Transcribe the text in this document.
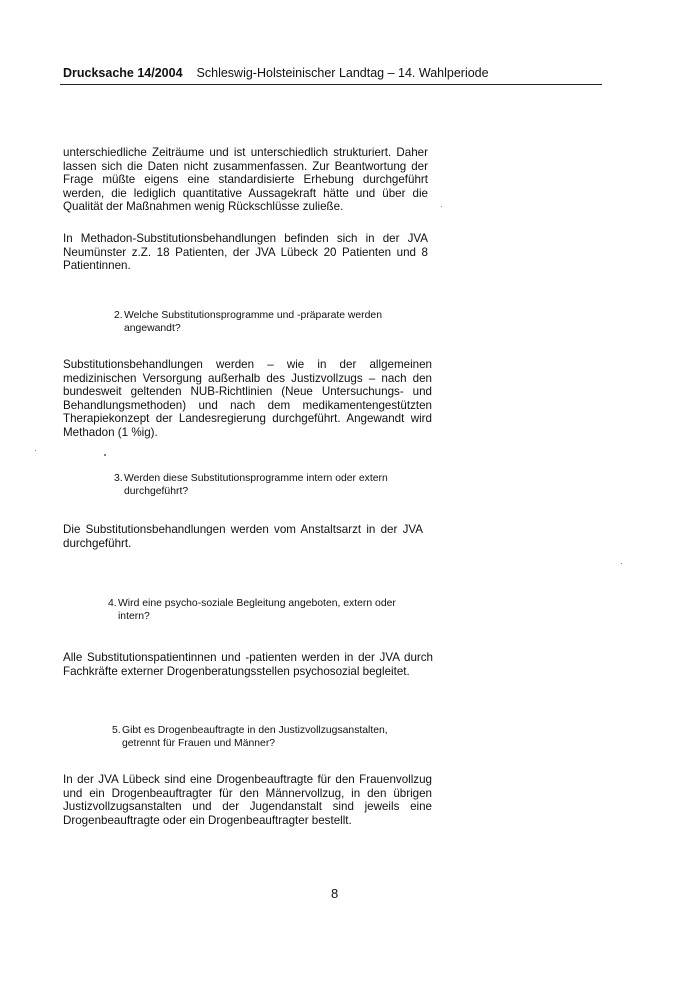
Drucksache 14/2004 Schleswig-Holsteinischer Landtag – 14. Wahlperiode

unterschiedliche Zeiträume und ist unterschiedlich strukturiert. Daher lassen sich die Daten nicht zusammenfassen. Zur Beantwortung der Frage müßte eigens eine standardisierte Erhebung durchgeführt werden, die lediglich quantitative Aussagekraft hätte und über die Qualität der Maßnahmen wenig Rückschlüsse zuließe.

In Methadon-Substitutionsbehandlungen befinden sich in der JVA Neumünster z.Z. 18 Patienten, der JVA Lübeck 20 Patienten und 8 Patientinnen.

2. Welche Substitutionsprogramme und -präparate werden angewandt?

Substitutionsbehandlungen werden – wie in der allgemeinen medizinischen Versorgung außerhalb des Justizvollzugs – nach den bundesweit geltenden NUB-Richtlinien (Neue Untersuchungs- und Behandlungsmethoden) und nach dem medikamentengestützten Therapiekonzept der Landesregierung durchgeführt. Angewandt wird Methadon (1 %ig).

3. Werden diese Substitutionsprogramme intern oder extern durchgeführt?

Die Substitutionsbehandlungen werden vom Anstaltsarzt in der JVA durchgeführt.

4. Wird eine psycho-soziale Begleitung angeboten, extern oder intern?

Alle Substitutionspatientinnen und -patienten werden in der JVA durch Fachkräfte externer Drogenberatungsstellen psychosozial begleitet.

5. Gibt es Drogenbeauftragte in den Justizvollzugsanstalten, getrennt für Frauen und Männer?

In der JVA Lübeck sind eine Drogenbeauftragte für den Frauenvollzug und ein Drogenbeauftragter für den Männervollzug, in den übrigen Justizvollzugsanstalten und der Jugendanstalt sind jeweils eine Drogenbeauftragte oder ein Drogenbeauftragter bestellt.

8
